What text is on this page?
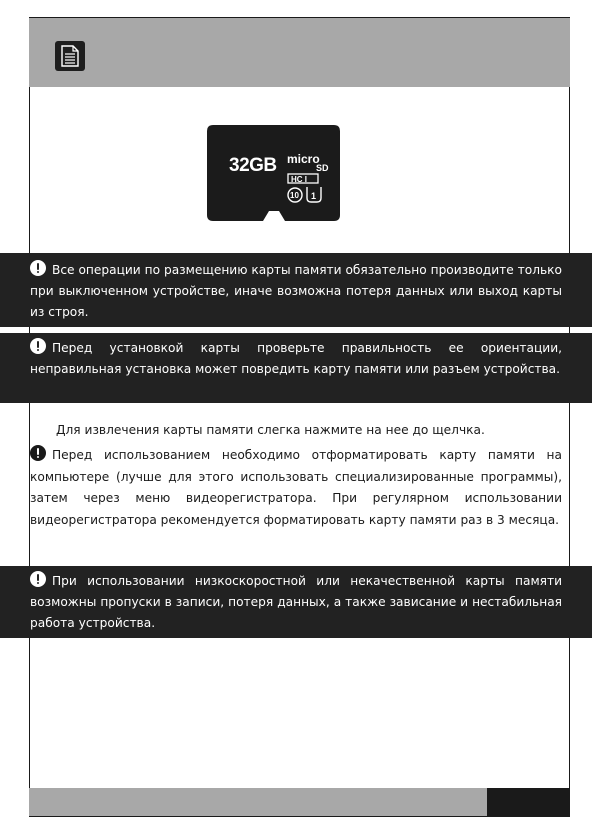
32GB micro
SD
HC I
10 1

Все операции по размещению карты памяти обязательно производите только при выключенном устройстве, иначе возможна потеря данных или выход карты из строя.

Перед установкой карты проверьте правильность ее ориентации, неправильная установка может повредить карту памяти или разъем устройства.

Для извлечения карты памяти слегка нажмите на нее до щелчка.

Перед использованием необходимо отформатировать карту памяти на компьютере (лучше для этого использовать специализированные программы), затем через меню видеорегистратора. При регулярном использовании видеорегистратора рекомендуется форматировать карту памяти раз в 3 месяца.

При использовании низкоскоростной или некачественной карты памяти возможны пропуски в записи, потеря данных, а также зависание и нестабильная работа устройства.
